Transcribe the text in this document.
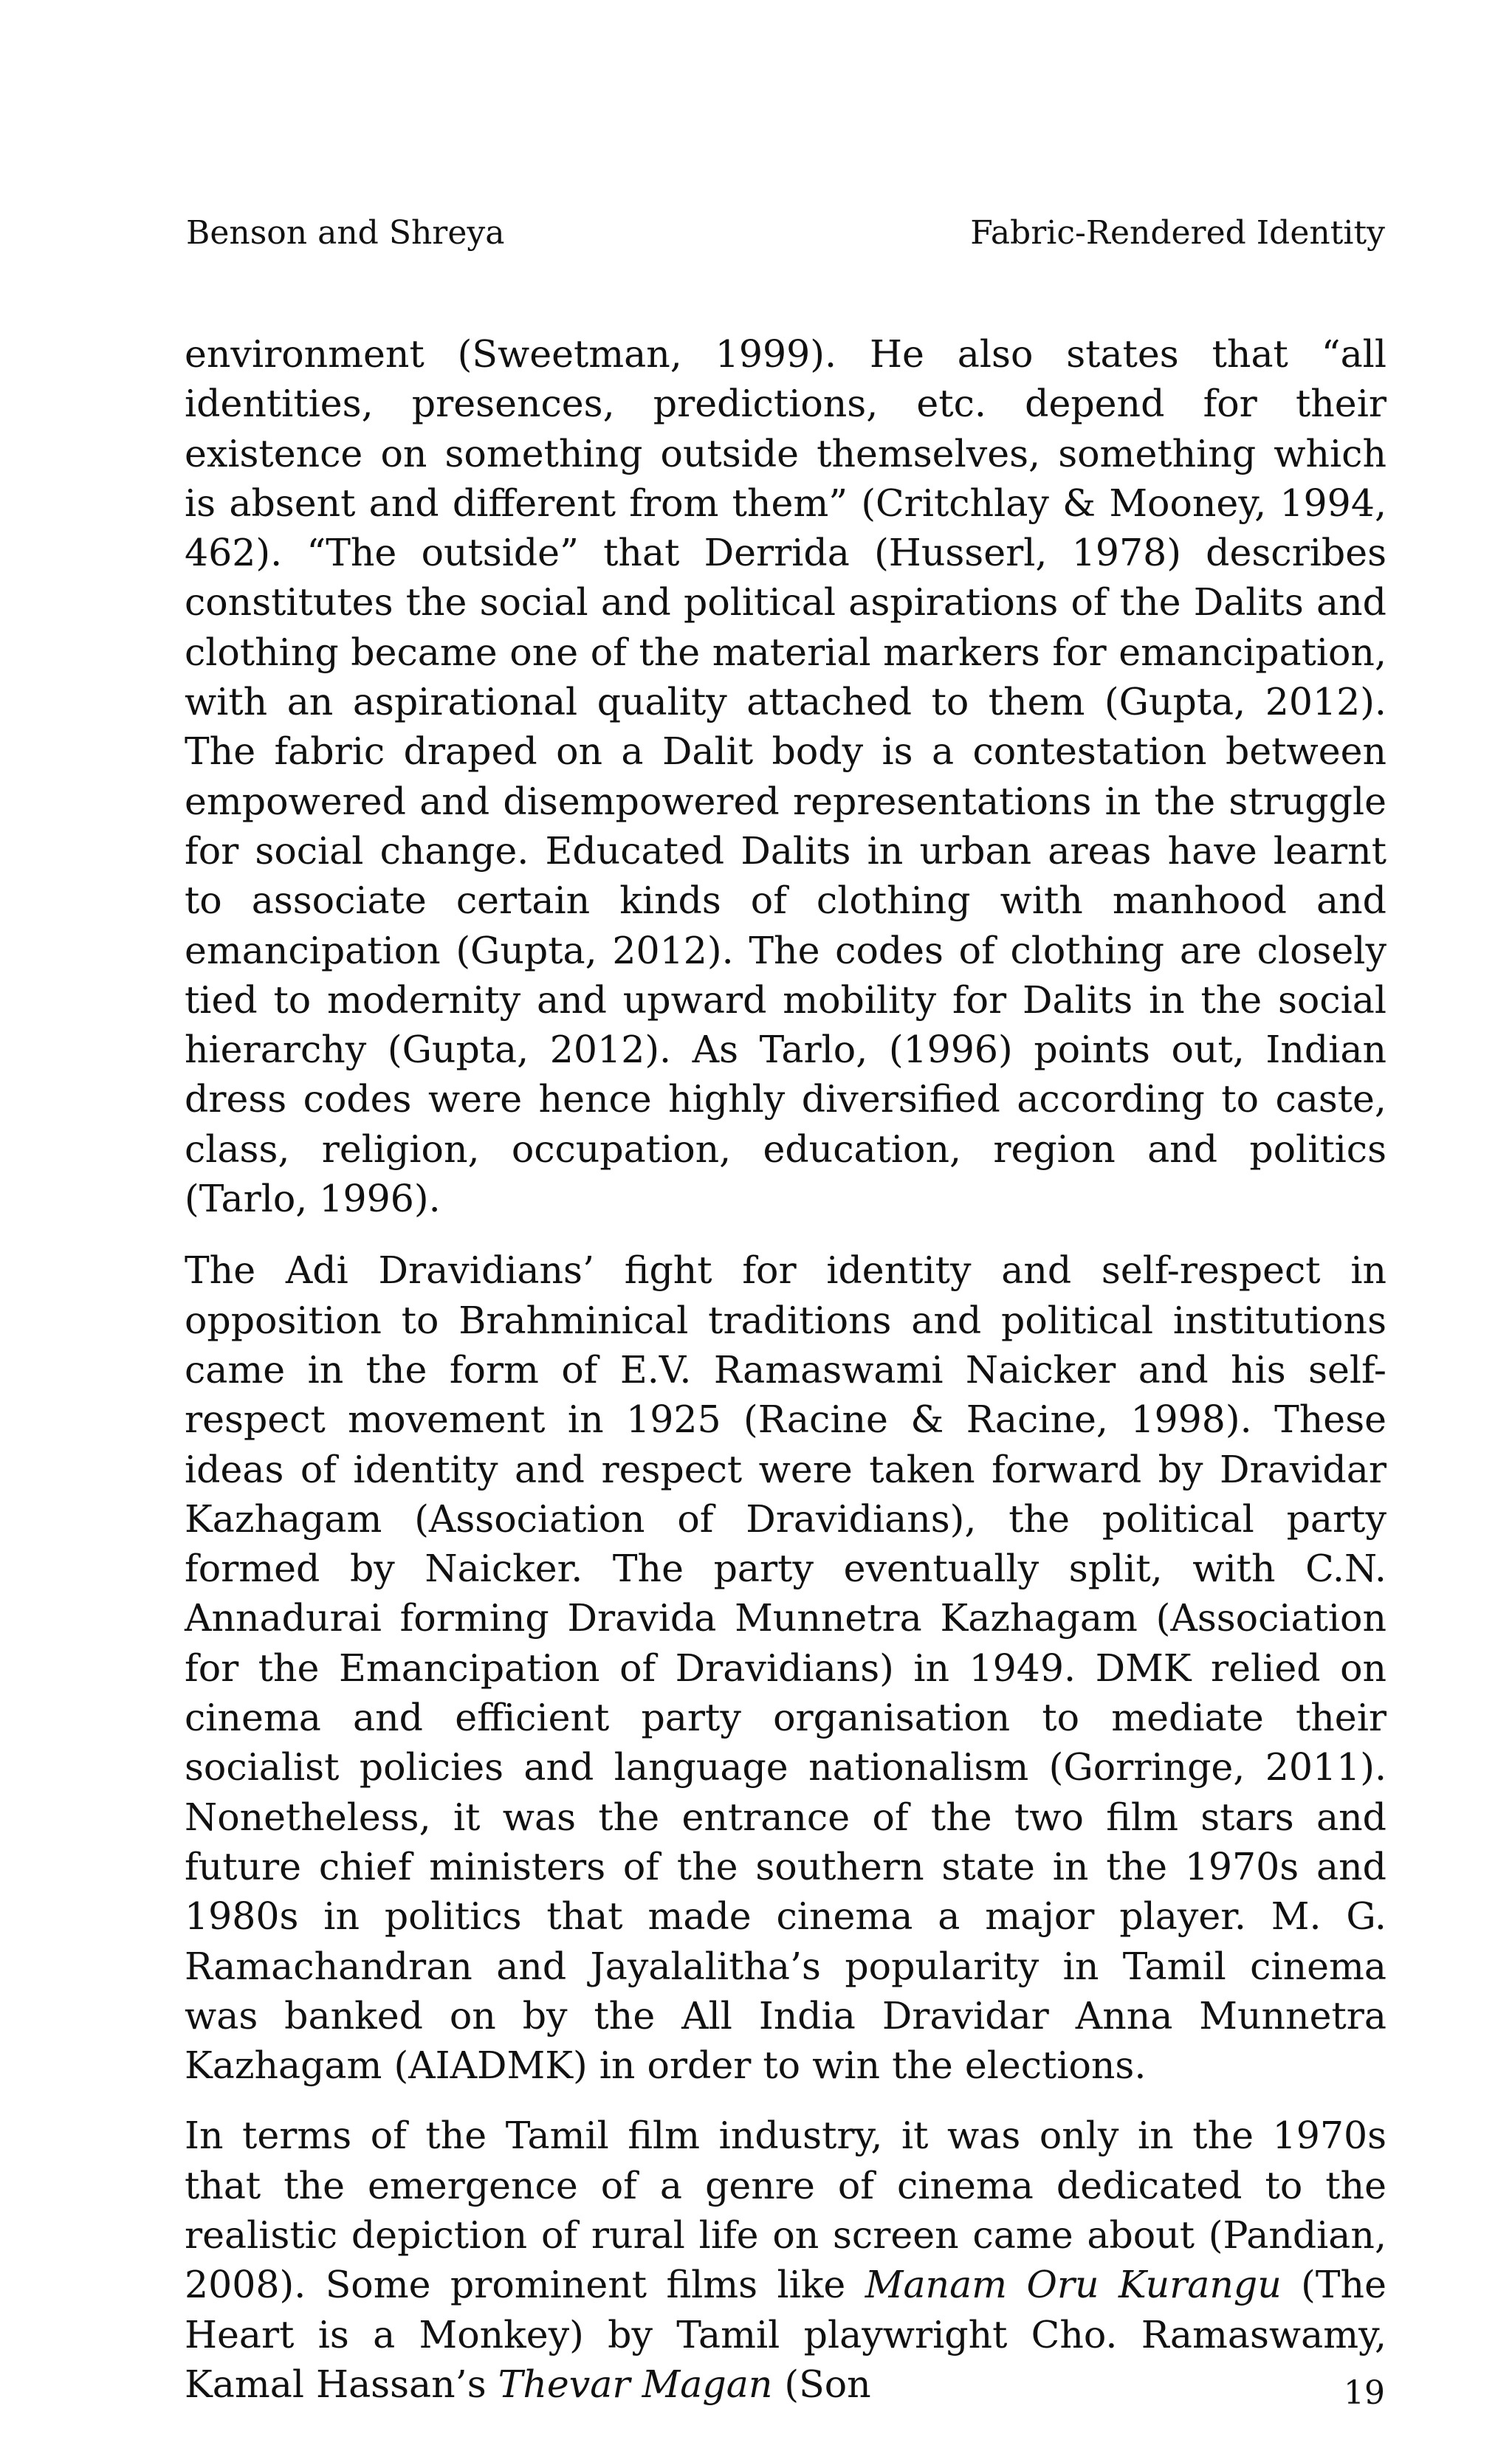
Benson and Shreya	Fabric-Rendered Identity

environment (Sweetman, 1999). He also states that “all identities, presences, predictions, etc. depend for their existence on something outside themselves, something which is absent and different from them” (Critchlay & Mooney, 1994, 462). “The outside” that Derrida (Husserl, 1978) describes constitutes the social and political aspirations of the Dalits and clothing became one of the material markers for emancipation, with an aspirational quality attached to them (Gupta, 2012). The fabric draped on a Dalit body is a contestation between empowered and disempowered representations in the struggle for social change. Educated Dalits in urban areas have learnt to associate certain kinds of clothing with manhood and emancipation (Gupta, 2012). The codes of clothing are closely tied to modernity and upward mobility for Dalits in the social hierarchy (Gupta, 2012). As Tarlo, (1996) points out, Indian dress codes were hence highly diversified according to caste, class, religion, occupation, education, region and politics (Tarlo, 1996).

The Adi Dravidians’ fight for identity and self-respect in opposition to Brahminical traditions and political institutions came in the form of E.V. Ramaswami Naicker and his self-respect movement in 1925 (Racine & Racine, 1998). These ideas of identity and respect were taken forward by Dravidar Kazhagam (Association of Dravidians), the political party formed by Naicker. The party eventually split, with C.N. Annadurai forming Dravida Munnetra Kazhagam (Association for the Emancipation of Dravidians) in 1949. DMK relied on cinema and efficient party organisation to mediate their socialist policies and language nationalism (Gorringe, 2011). Nonetheless, it was the entrance of the two film stars and future chief ministers of the southern state in the 1970s and 1980s in politics that made cinema a major player. M. G. Ramachandran and Jayalalitha’s popularity in Tamil cinema was banked on by the All India Dravidar Anna Munnetra Kazhagam (AIADMK) in order to win the elections.

In terms of the Tamil film industry, it was only in the 1970s that the emergence of a genre of cinema dedicated to the realistic depiction of rural life on screen came about (Pandian, 2008). Some prominent films like Manam Oru Kurangu (The Heart is a Monkey) by Tamil playwright Cho. Ramaswamy, Kamal Hassan’s Thevar Magan (Son	19
